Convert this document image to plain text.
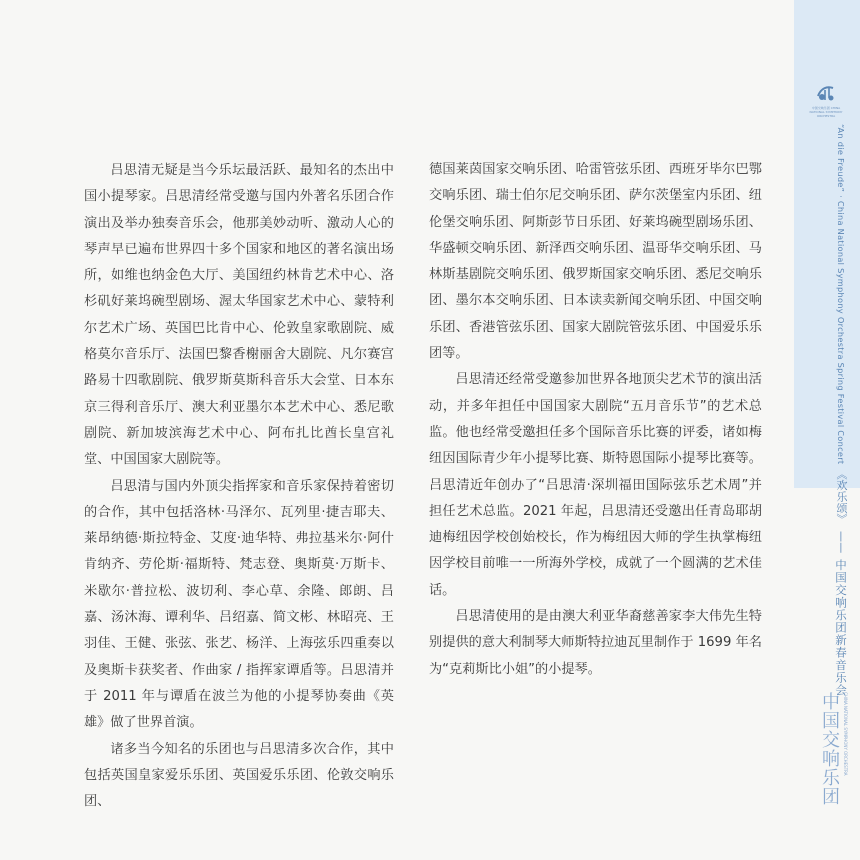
吕思清无疑是当今乐坛最活跃、最知名的杰出中国小提琴家。吕思清经常受邀与国内外著名乐团合作演出及举办独奏音乐会，他那美妙动听、激动人心的琴声早已遍布世界四十多个国家和地区的著名演出场所，如维也纳金色大厅、美国纽约林肯艺术中心、洛杉矶好莱坞碗型剧场、渥太华国家艺术中心、蒙特利尔艺术广场、英国巴比肯中心、伦敦皇家歌剧院、威格莫尔音乐厅、法国巴黎香榭丽舍大剧院、凡尔赛宫路易十四歌剧院、俄罗斯莫斯科音乐大会堂、日本东京三得利音乐厅、澳大利亚墨尔本艺术中心、悉尼歌剧院、新加坡滨海艺术中心、阿布扎比酋长皇宫礼堂、中国国家大剧院等。

吕思清与国内外顶尖指挥家和音乐家保持着密切的合作，其中包括洛林·马泽尔、瓦列里·捷吉耶夫、莱昂纳德·斯拉特金、艾度·迪华特、弗拉基米尔·阿什肯纳齐、劳伦斯·福斯特、梵志登、奥斯莫·万斯卡、米歇尔·普拉松、波切利、李心草、余隆、郎朗、吕嘉、汤沐海、谭利华、吕绍嘉、简文彬、林昭亮、王羽佳、王健、张弦、张艺、杨洋、上海弦乐四重奏以及奥斯卡获奖者、作曲家 / 指挥家谭盾等。吕思清并于 2011 年与谭盾在波兰为他的小提琴协奏曲《英雄》做了世界首演。

诸多当今知名的乐团也与吕思清多次合作，其中包括英国皇家爱乐乐团、英国爱乐乐团、伦敦交响乐团、

德国莱茵国家交响乐团、哈雷管弦乐团、西班牙毕尔巴鄂交响乐团、瑞士伯尔尼交响乐团、萨尔茨堡室内乐团、纽伦堡交响乐团、阿斯彭节日乐团、好莱坞碗型剧场乐团、华盛顿交响乐团、新泽西交响乐团、温哥华交响乐团、马林斯基剧院交响乐团、俄罗斯国家交响乐团、悉尼交响乐团、墨尔本交响乐团、日本读卖新闻交响乐团、中国交响乐团、香港管弦乐团、国家大剧院管弦乐团、中国爱乐乐团等。

吕思清还经常受邀参加世界各地顶尖艺术节的演出活动，并多年担任中国国家大剧院“五月音乐节”的艺术总监。他也经常受邀担任多个国际音乐比赛的评委，诸如梅纽因国际青少年小提琴比赛、斯特恩国际小提琴比赛等。吕思清近年创办了“吕思清·深圳福田国际弦乐艺术周”并担任艺术总监。2021 年起，吕思清还受邀出任青岛耶胡迪梅纽因学校创始校长，作为梅纽因大师的学生执掌梅纽因学校目前唯一一所海外学校，成就了一个圆满的艺术佳话。

吕思清使用的是由澳大利亚华裔慈善家李大伟先生特别提供的意大利制琴大师斯特拉迪瓦里制作于 1699 年名为“克莉斯比小姐”的小提琴。

中国交响乐团 CHINA NATIONAL SYMPHONY ORCHESTRA
“An die Freude” · China National Symphony Orchestra Spring Festival Concert 《欢乐颂》 —— 中国交响乐团新春音乐会
中国交响乐团 CHINA NATIONAL SYMPHONY ORCHESTRA
